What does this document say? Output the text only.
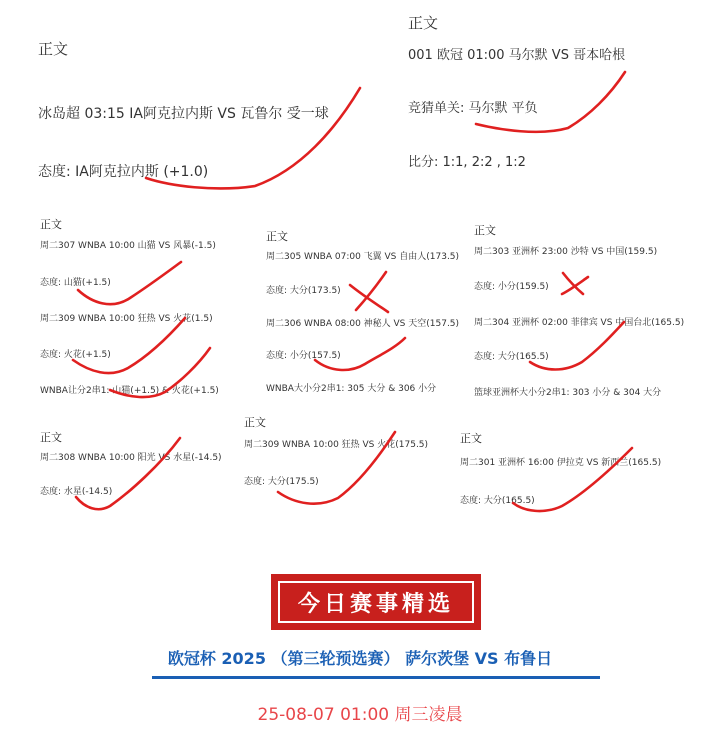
正文
冰岛超 03:15 IA阿克拉内斯 VS 瓦鲁尔 受一球
态度: IA阿克拉内斯 (+1.0)
正文
001 欧冠 01:00 马尔默 VS 哥本哈根
竞猜单关: 马尔默 平负
比分: 1:1, 2:2 , 1:2
正文
周二307 WNBA 10:00 山猫 VS 风暴(-1.5)
态度: 山猫(+1.5)
周二309 WNBA 10:00 狂热 VS 火花(1.5)
态度: 火花(+1.5)
WNBA让分2串1: 山猫(+1.5) & 火花(+1.5)
正文
周二305 WNBA 07:00 飞翼 VS 自由人(173.5)
态度: 大分(173.5)
周二306 WNBA 08:00 神秘人 VS 天空(157.5)
态度: 小分(157.5)
WNBA大小分2串1: 305 大分 & 306 小分
正文
周二303 亚洲杯 23:00 沙特 VS 中国(159.5)
态度: 小分(159.5)
周二304 亚洲杯 02:00 菲律宾 VS 中国台北(165.5)
态度: 大分(165.5)
篮球亚洲杯大小分2串1: 303 小分 & 304 大分
正文
周二308 WNBA 10:00 阳光 VS 水星(-14.5)
态度: 水星(-14.5)
正文
周二309 WNBA 10:00 狂热 VS 火花(175.5)
态度: 大分(175.5)
正文
周二301 亚洲杯 16:00 伊拉克 VS 新西兰(165.5)
态度: 大分(165.5)
今日赛事精选
欧冠杯 2025 （第三轮预选赛） 萨尔茨堡 VS 布鲁日
25-08-07 01:00 周三凌晨
